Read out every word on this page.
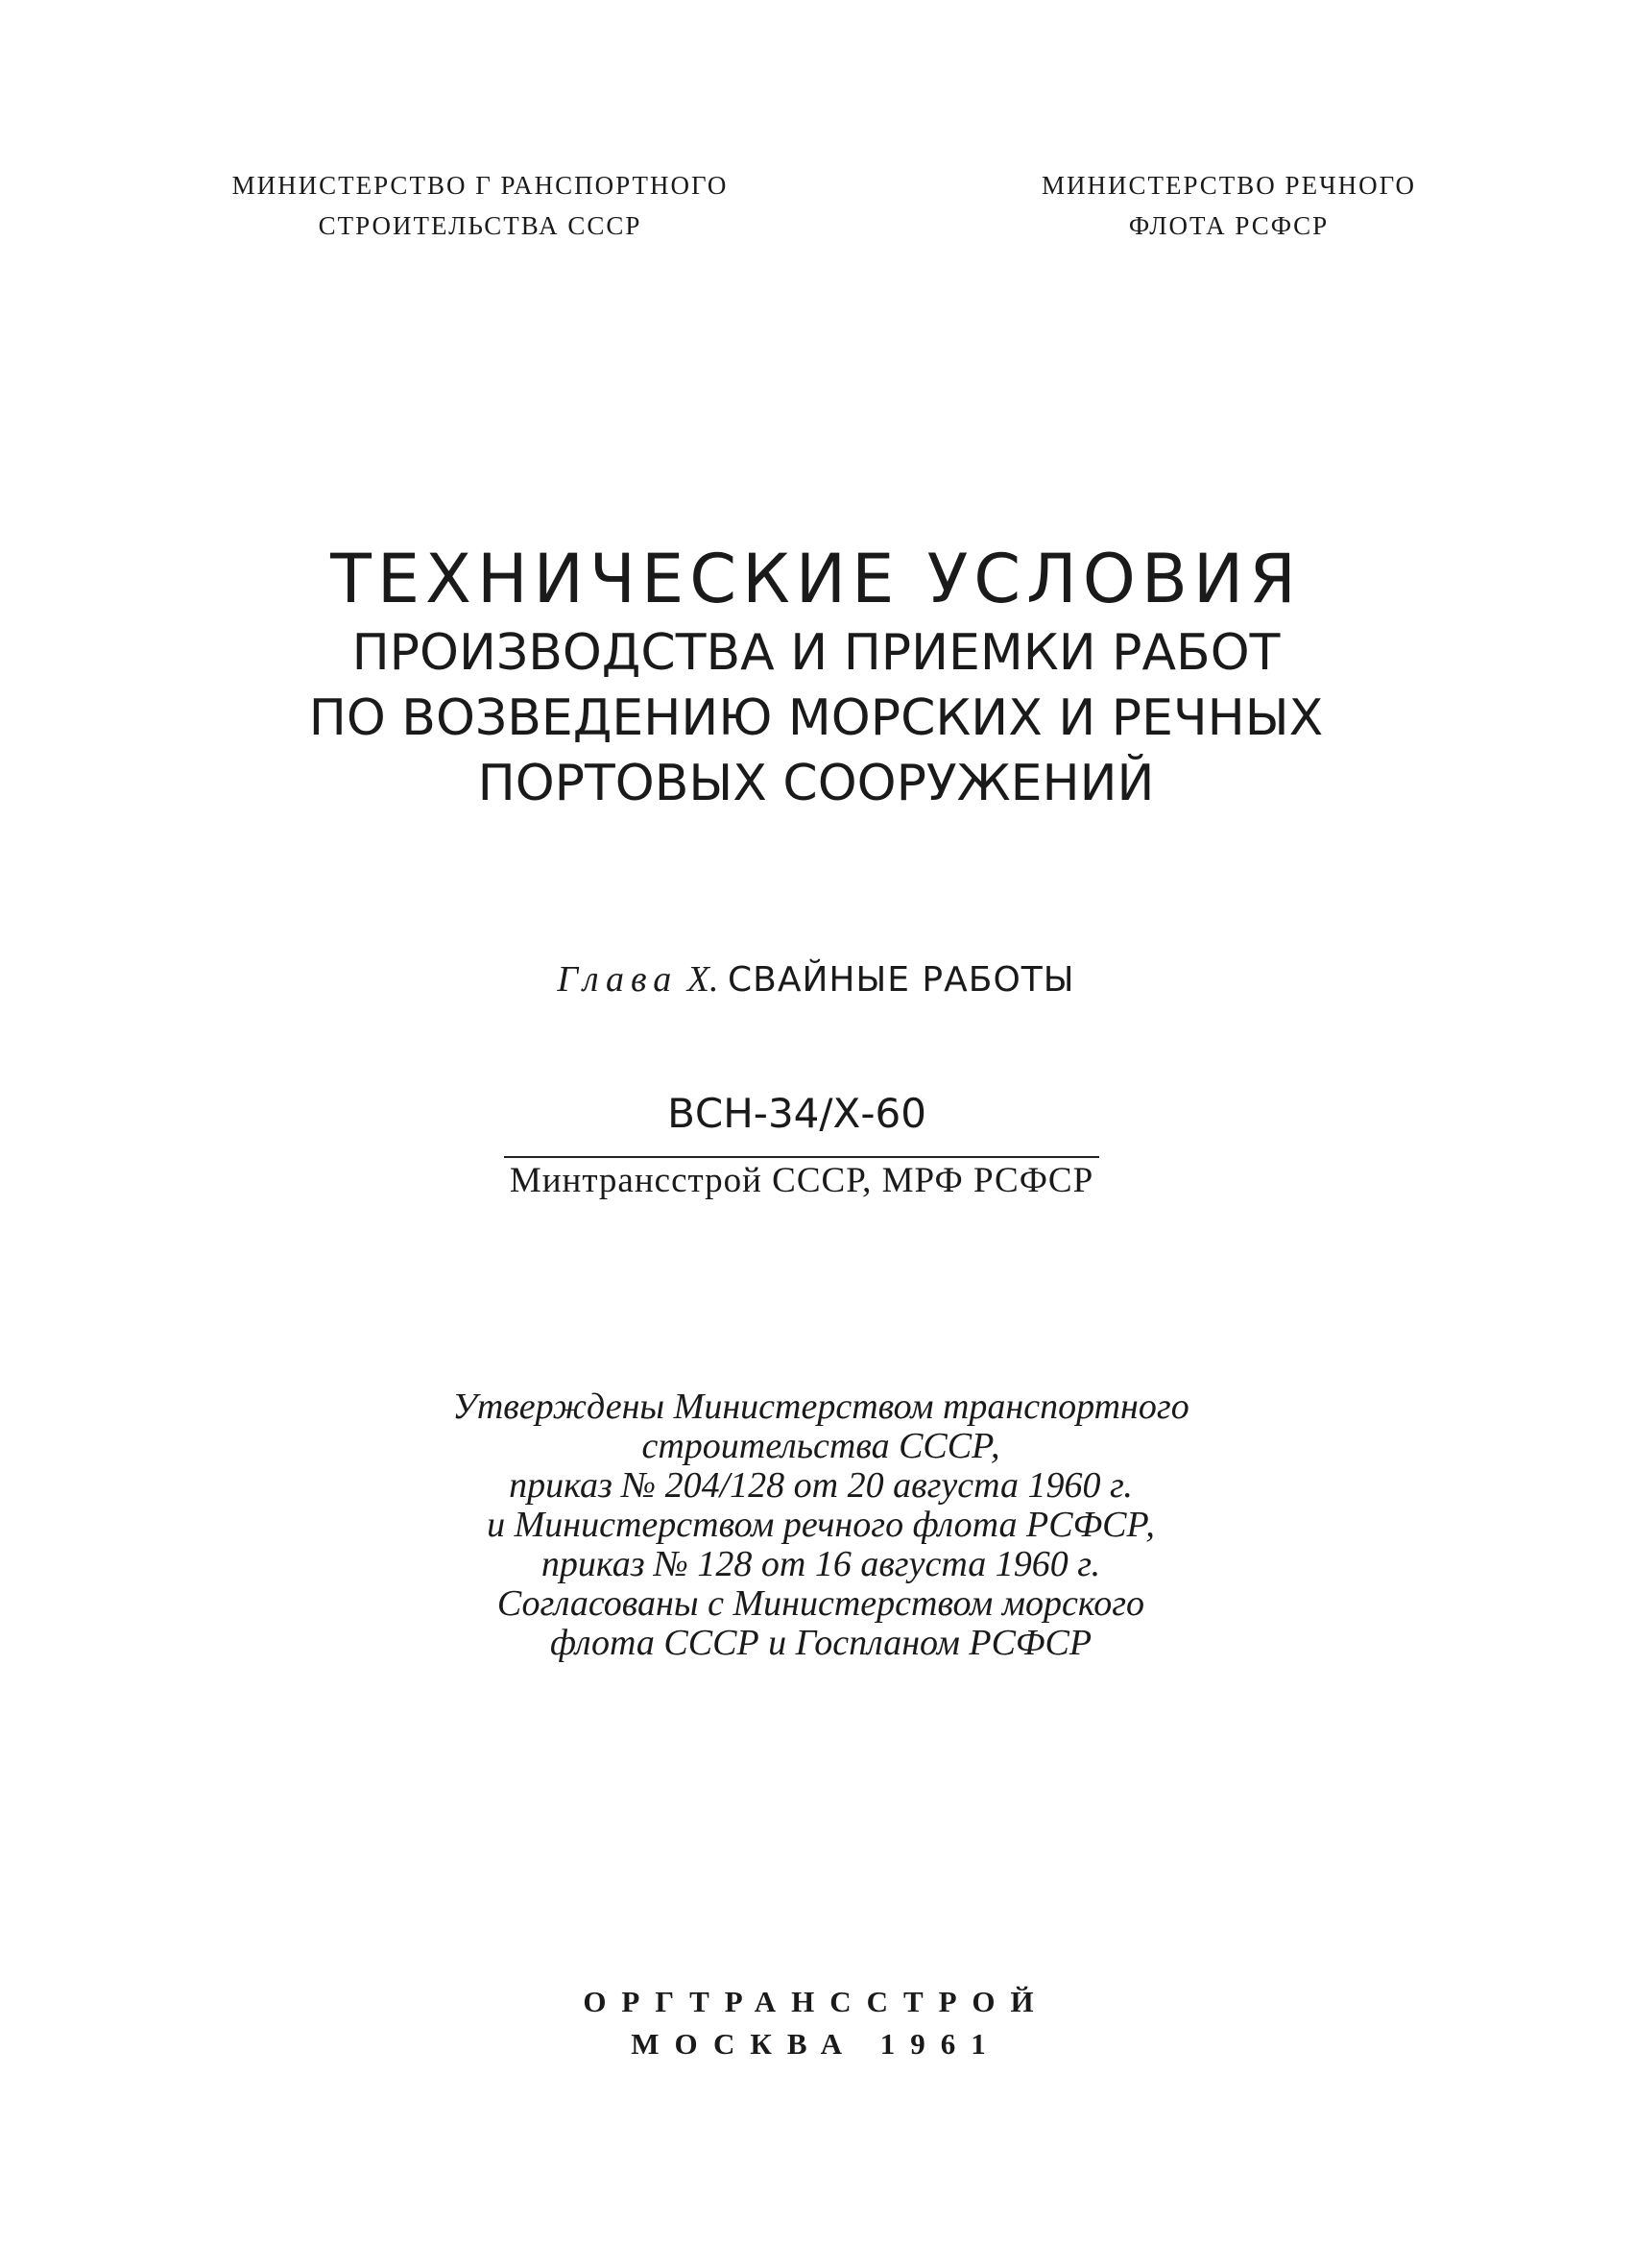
МИНИСТЕРСТВО Г РАНСПОРТНОГО
СТРОИТЕЛЬСТВА СССР
МИНИСТЕРСТВО РЕЧНОГО
ФЛОТА РСФСР
ТЕХНИЧЕСКИЕ УСЛОВИЯ
ПРОИЗВОДСТВА И ПРИЕМКИ РАБОТ
ПО ВОЗВЕДЕНИЮ МОРСКИХ И РЕЧНЫХ
ПОРТОВЫХ СООРУЖЕНИЙ
Глава X. СВАЙНЫЕ РАБОТЫ
ВСН-34/Х-60
Минтрансстрой СССР, МРФ РСФСР
Утверждены Министерством транспортного
строительства СССР,
приказ № 204/128 от 20 августа 1960 г.
и Министерством речного флота РСФСР,
приказ № 128 от 16 августа 1960 г.
Согласованы с Министерством морского
флота СССР и Госпланом РСФСР
ОРГТРАНССТРОЙ
МОСКВА 1961
